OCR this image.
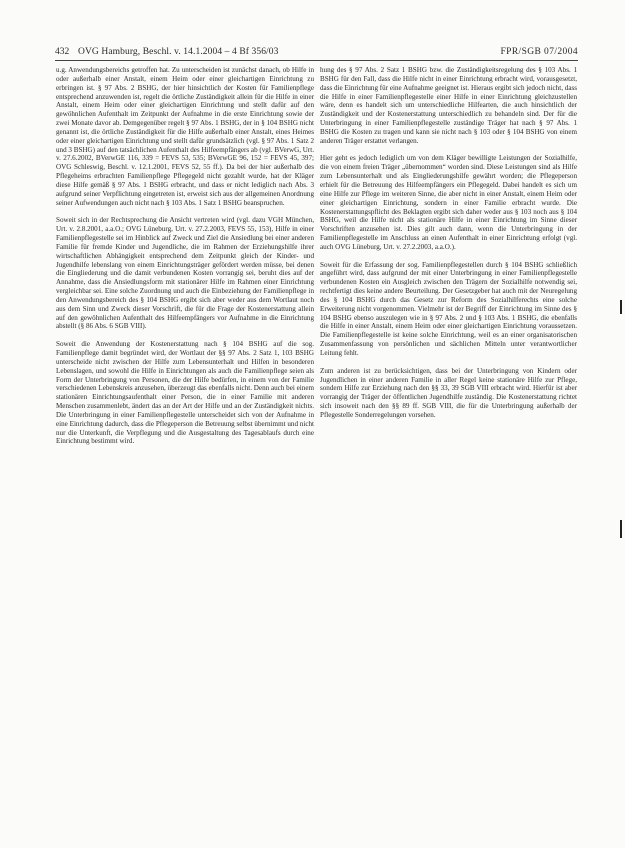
432 OVG Hamburg, Beschl. v. 14.1.2004 – 4 Bf 356/03	FPR/SGB 07/2004

u.g. Anwendungsbereichs getroffen hat. Zu unterscheiden ist zunächst danach, ob Hilfe in oder außerhalb einer Anstalt, einem Heim oder einer gleichartigen Einrichtung zu erbringen ist. § 97 Abs. 2 BSHG, der hier hinsichtlich der Kosten für Familienpflege entsprechend anzuwenden ist, regelt die örtliche Zuständigkeit allein für die Hilfe in einer Anstalt, einem Heim oder einer gleichartigen Einrichtung und stellt dafür auf den gewöhnlichen Aufenthalt im Zeitpunkt der Aufnahme in die erste Einrichtung sowie der zwei Monate davor ab. Demgegenüber regelt § 97 Abs. 1 BSHG, der in § 104 BSHG nicht genannt ist, die örtliche Zuständigkeit für die Hilfe außerhalb einer Anstalt, eines Heimes oder einer gleichartigen Einrichtung und stellt dafür grundsätzlich (vgl. § 97 Abs. 1 Satz 2 und 3 BSHG) auf den tatsächlichen Aufenthalt des Hilfeempfängers ab (vgl. BVerwG, Urt. v. 27.6.2002, BVerwGE 116, 339 = FEVS 53, 535; BVerwGE 96, 152 = FEVS 45, 397; OVG Schleswig, Beschl. v. 12.1.2001, FEVS 52, 55 ff.). Da bei der hier außerhalb des Pflegeheims erbrachten Familienpflege Pflegegeld nicht gezahlt wurde, hat der Kläger diese Hilfe gemäß § 97 Abs. 1 BSHG erbracht, und dass er nicht lediglich nach Abs. 3 aufgrund seiner Verpflichtung eingetreten ist, erweist sich aus der allgemeinen Anordnung seiner Aufwendungen auch nicht nach § 103 Abs. 1 Satz 1 BSHG beanspruchen.

Soweit sich in der Rechtsprechung die Ansicht vertreten wird (vgl. dazu VGH München, Urt. v. 2.8.2001, a.a.O.; OVG Lüneburg, Urt. v. 27.2.2003, FEVS 55, 153), Hilfe in einer Familienpflegestelle sei im Hinblick auf Zweck und Ziel die Ansiedlung bei einer anderen Familie für fremde Kinder und Jugendliche, die im Rahmen der Erziehungshilfe ihrer wirtschaftlichen Abhängigkeit entsprechend dem Zeitpunkt gleich der Kinder- und Jugendhilfe lebenslang von einem Einrichtungsträger gefördert werden müsse, bei denen die Eingliederung und die damit verbundenen Kosten vorrangig sei, beruht dies auf der Annahme, dass die Ansiedlungsform mit stationärer Hilfe im Rahmen einer Einrichtung vergleichbar sei. Eine solche Zuordnung und auch die Einbeziehung der Familienpflege in den Anwendungsbereich des § 104 BSHG ergibt sich aber weder aus dem Wortlaut noch aus dem Sinn und Zweck dieser Vorschrift, die für die Frage der Kostenerstattung allein auf den gewöhnlichen Aufenthalt des Hilfeempfängers vor Aufnahme in die Einrichtung abstellt (§ 86 Abs. 6 SGB VIII).

Soweit die Anwendung der Kostenerstattung nach § 104 BSHG auf die sog. Familienpflege damit begründet wird, der Wortlaut der §§ 97 Abs. 2 Satz 1, 103 BSHG unterscheide nicht zwischen der Hilfe zum Lebensunterhalt und Hilfen in besonderen Lebenslagen, und sowohl die Hilfe in Einrichtungen als auch die Familienpflege seien als Form der Unterbringung von Personen, die der Hilfe bedürfen, in einem von der Familie verschiedenen Lebenskreis anzusehen, überzeugt das ebenfalls nicht. Denn auch bei einem stationären Einrichtungsaufenthalt einer Person, die in einer Familie mit anderen Menschen zusammenlebt, ändert das an der Art der Hilfe und an der Zuständigkeit nichts. Die Unterbringung in einer Familienpflegestelle unterscheidet sich von der Aufnahme in eine Einrichtung dadurch, dass die Pflegeperson die Betreuung selbst übernimmt und nicht nur die Unterkunft, die Verpflegung und die Ausgestaltung des Tagesablaufs durch eine Einrichtung bestimmt wird.

hung des § 97 Abs. 2 Satz 1 BSHG bzw. die Zuständigkeitsregelung des § 103 Abs. 1 BSHG für den Fall, dass die Hilfe nicht in einer Einrichtung erbracht wird, vorausgesetzt, dass die Einrichtung für eine Aufnahme geeignet ist. Hieraus ergibt sich jedoch nicht, dass die Hilfe in einer Familienpflegestelle einer Hilfe in einer Einrichtung gleichzustellen wäre, denn es handelt sich um unterschiedliche Hilfearten, die auch hinsichtlich der Zuständigkeit und der Kostenerstattung unterschiedlich zu behandeln sind. Der für die Unterbringung in einer Familienpflegestelle zuständige Träger hat nach § 97 Abs. 1 BSHG die Kosten zu tragen und kann sie nicht nach § 103 oder § 104 BSHG von einem anderen Träger erstattet verlangen.

Hier geht es jedoch lediglich um von dem Kläger bewilligte Leistungen der Sozialhilfe, die von einem freien Träger „übernommen“ worden sind. Diese Leistungen sind als Hilfe zum Lebensunterhalt und als Eingliederungshilfe gewährt worden; die Pflegeperson erhielt für die Betreuung des Hilfeempfängers ein Pflegegeld. Dabei handelt es sich um eine Hilfe zur Pflege im weiteren Sinne, die aber nicht in einer Anstalt, einem Heim oder einer gleichartigen Einrichtung, sondern in einer Familie erbracht wurde. Die Kostenerstattungspflicht des Beklagten ergibt sich daher weder aus § 103 noch aus § 104 BSHG, weil die Hilfe nicht als stationäre Hilfe in einer Einrichtung im Sinne dieser Vorschriften anzusehen ist. Dies gilt auch dann, wenn die Unterbringung in der Familienpflegestelle im Anschluss an einen Aufenthalt in einer Einrichtung erfolgt (vgl. auch OVG Lüneburg, Urt. v. 27.2.2003, a.a.O.).

Soweit für die Erfassung der sog. Familienpflegestellen durch § 104 BSHG schließlich angeführt wird, dass aufgrund der mit einer Unterbringung in einer Familienpflegestelle verbundenen Kosten ein Ausgleich zwischen den Trägern der Sozialhilfe notwendig sei, rechtfertigt dies keine andere Beurteilung. Der Gesetzgeber hat auch mit der Neuregelung des § 104 BSHG durch das Gesetz zur Reform des Sozialhilferechts eine solche Erweiterung nicht vorgenommen. Vielmehr ist der Begriff der Einrichtung im Sinne des § 104 BSHG ebenso auszulegen wie in § 97 Abs. 2 und § 103 Abs. 1 BSHG, die ebenfalls die Hilfe in einer Anstalt, einem Heim oder einer gleichartigen Einrichtung voraussetzen. Die Familienpflegestelle ist keine solche Einrichtung, weil es an einer organisatorischen Zusammenfassung von persönlichen und sächlichen Mitteln unter verantwortlicher Leitung fehlt.

Zum anderen ist zu berücksichtigen, dass bei der Unterbringung von Kindern oder Jugendlichen in einer anderen Familie in aller Regel keine stationäre Hilfe zur Pflege, sondern Hilfe zur Erziehung nach den §§ 33, 39 SGB VIII erbracht wird. Hierfür ist aber vorrangig der Träger der öffentlichen Jugendhilfe zuständig. Die Kostenerstattung richtet sich insoweit nach den §§ 89 ff. SGB VIII, die für die Unterbringung außerhalb der Pflegestelle Sonderregelungen vorsehen.
